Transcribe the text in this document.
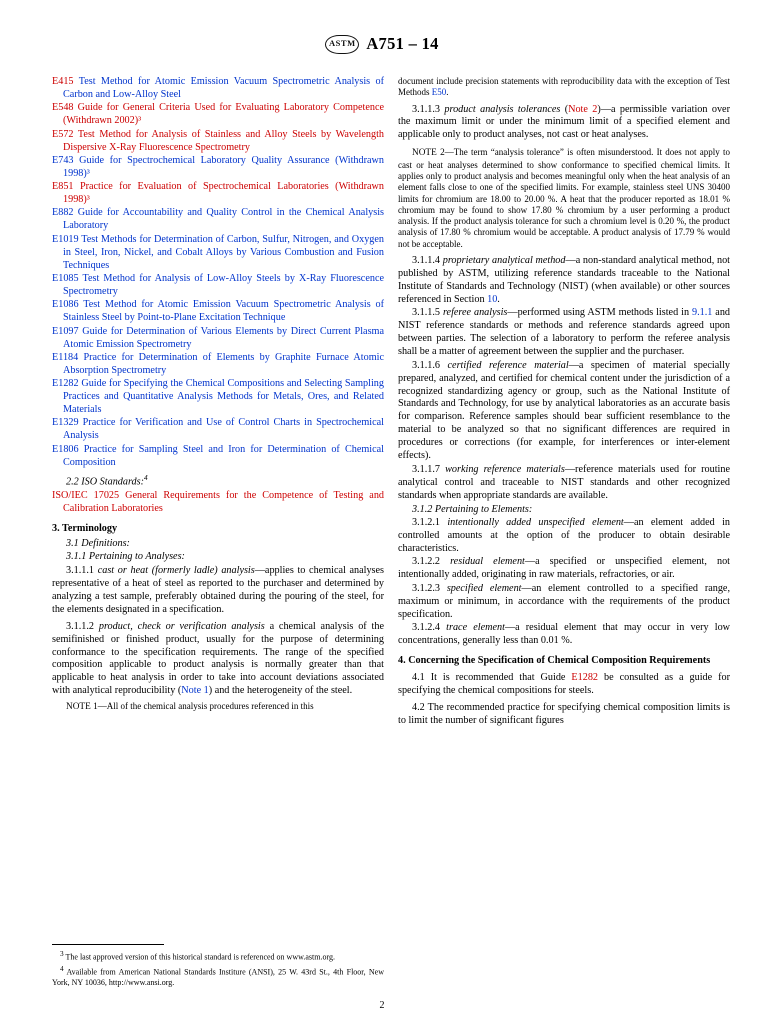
ASTM A751 – 14

E415 Test Method for Atomic Emission Vacuum Spectrometric Analysis of Carbon and Low-Alloy Steel

E548 Guide for General Criteria Used for Evaluating Laboratory Competence (Withdrawn 2002)³

E572 Test Method for Analysis of Stainless and Alloy Steels by Wavelength Dispersive X-Ray Fluorescence Spectrometry

E743 Guide for Spectrochemical Laboratory Quality Assurance (Withdrawn 1998)³

E851 Practice for Evaluation of Spectrochemical Laboratories (Withdrawn 1998)³

E882 Guide for Accountability and Quality Control in the Chemical Analysis Laboratory

E1019 Test Methods for Determination of Carbon, Sulfur, Nitrogen, and Oxygen in Steel, Iron, Nickel, and Cobalt Alloys by Various Combustion and Fusion Techniques

E1085 Test Method for Analysis of Low-Alloy Steels by X-Ray Fluorescence Spectrometry

E1086 Test Method for Atomic Emission Vacuum Spectrometric Analysis of Stainless Steel by Point-to-Plane Excitation Technique

E1097 Guide for Determination of Various Elements by Direct Current Plasma Atomic Emission Spectrometry

E1184 Practice for Determination of Elements by Graphite Furnace Atomic Absorption Spectrometry

E1282 Guide for Specifying the Chemical Compositions and Selecting Sampling Practices and Quantitative Analysis Methods for Metals, Ores, and Related Materials

E1329 Practice for Verification and Use of Control Charts in Spectrochemical Analysis

E1806 Practice for Sampling Steel and Iron for Determination of Chemical Composition

2.2 ISO Standards:$^4$

ISO/IEC 17025 General Requirements for the Competence of Testing and Calibration Laboratories

3. Terminology

3.1 Definitions:

3.1.1 Pertaining to Analyses:

3.1.1.1 cast or heat (formerly ladle) analysis—applies to chemical analyses representative of a heat of steel as reported to the purchaser and determined by analyzing a test sample, preferably obtained during the pouring of the steel, for the elements designated in a specification.

3.1.1.2 product, check or verification analysis a chemical analysis of the semifinished or finished product, usually for the purpose of determining conformance to the specification requirements. The range of the specified composition applicable to product analysis is normally greater than that applicable to heat analysis in order to take into account deviations associated with analytical reproducibility (Note 1) and the heterogeneity of the steel.

NOTE 1—All of the chemical analysis procedures referenced in this

document include precision statements with reproducibility data with the exception of Test Methods E50.

3.1.1.3 product analysis tolerances (Note 2)—a permissible variation over the maximum limit or under the minimum limit of a specified element and applicable only to product analyses, not cast or heat analyses.

NOTE 2—The term “analysis tolerance” is often misunderstood. It does not apply to cast or heat analyses determined to show conformance to specified chemical limits. It applies only to product analysis and becomes meaningful only when the heat analysis of an element falls close to one of the specified limits. For example, stainless steel UNS 30400 limits for chromium are 18.00 to 20.00 %. A heat that the producer reported as 18.01 % chromium may be found to show 17.80 % chromium by a user performing a product analysis. If the product analysis tolerance for such a chromium level is 0.20 %, the product analysis of 17.80 % chromium would be acceptable. A product analysis of 17.79 % would not be acceptable.

3.1.1.4 proprietary analytical method—a non-standard analytical method, not published by ASTM, utilizing reference standards traceable to the National Institute of Standards and Technology (NIST) (when available) or other sources referenced in Section 10.

3.1.1.5 referee analysis—performed using ASTM methods listed in 9.1.1 and NIST reference standards or methods and reference standards agreed upon between parties. The selection of a laboratory to perform the referee analysis shall be a matter of agreement between the supplier and the purchaser.

3.1.1.6 certified reference material—a specimen of material specially prepared, analyzed, and certified for chemical content under the jurisdiction of a recognized standardizing agency or group, such as the National Institute of Standards and Technology, for use by analytical laboratories as an accurate basis for comparison. Reference samples should bear sufficient resemblance to the material to be analyzed so that no significant differences are required in procedures or corrections (for example, for interferences or inter-element effects).

3.1.1.7 working reference materials—reference materials used for routine analytical control and traceable to NIST standards and other recognized standards when appropriate standards are available.

3.1.2 Pertaining to Elements:

3.1.2.1 intentionally added unspecified element—an element added in controlled amounts at the option of the producer to obtain desirable characteristics.

3.1.2.2 residual element—a specified or unspecified element, not intentionally added, originating in raw materials, refractories, or air.

3.1.2.3 specified element—an element controlled to a specified range, maximum or minimum, in accordance with the requirements of the product specification.

3.1.2.4 trace element—a residual element that may occur in very low concentrations, generally less than 0.01 %.

4. Concerning the Specification of Chemical Composition Requirements

4.1 It is recommended that Guide E1282 be consulted as a guide for specifying the chemical compositions for steels.

4.2 The recommended practice for specifying chemical composition limits is to limit the number of significant figures

3 The last approved version of this historical standard is referenced on www.astm.org.

4 Available from American National Standards Institure (ANSI), 25 W. 43rd St., 4th Floor, New York, NY 10036, http://www.ansi.org.

2
